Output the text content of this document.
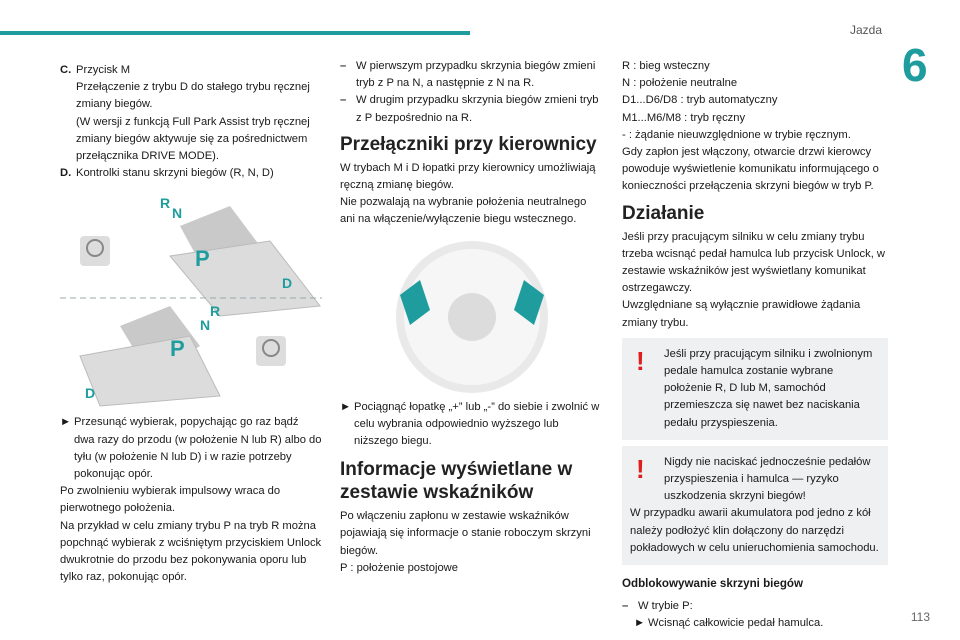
Jazda
6
113
C. Przycisk M

Przełączenie z trybu D do stałego trybu ręcznej zmiany biegów.

(W wersji z funkcją Full Park Assist tryb ręcznej zmiany biegów aktywuje się za pośrednictwem przełącznika DRIVE MODE).

D. Kontrolki stanu skrzyni biegów (R, N, D)

P
R
N
D
P
R
N
D
► Przesunąć wybierak, popychając go raz bądź dwa razy do przodu (w położenie N lub R) albo do tyłu (w położenie N lub D) i w razie potrzeby pokonując opór.

Po zwolnieniu wybierak impulsowy wraca do pierwotnego położenia.

Na przykład w celu zmiany trybu P na tryb R można popchnąć wybierak z wciśniętym przyciskiem Unlock dwukrotnie do przodu bez pokonywania oporu lub tylko raz, pokonując opór.

– W pierwszym przypadku skrzynia biegów zmieni tryb z P na N, a następnie z N na R.

– W drugim przypadku skrzynia biegów zmieni tryb z P bezpośrednio na R.

Przełączniki przy kierownicy

W trybach M i D łopatki przy kierownicy umożliwiają ręczną zmianę biegów.

Nie pozwalają na wybranie położenia neutralnego ani na włączenie/wyłączenie biegu wstecznego.

► Pociągnąć łopatkę „+” lub „-” do siebie i zwolnić w celu wybrania odpowiednio wyższego lub niższego biegu.

Informacje wyświetlane w zestawie wskaźników

Po włączeniu zapłonu w zestawie wskaźników pojawiają się informacje o stanie roboczym skrzyni biegów.

P : położenie postojowe

R : bieg wsteczny

N : położenie neutralne

D1...D6/D8 : tryb automatyczny

M1...M6/M8 : tryb ręczny

- : żądanie nieuwzględnione w trybie ręcznym.

Gdy zapłon jest włączony, otwarcie drzwi kierowcy powoduje wyświetlenie komunikatu informującego o konieczności przełączenia skrzyni biegów w tryb P.

Działanie

Jeśli przy pracującym silniku w celu zmiany trybu trzeba wcisnąć pedał hamulca lub przycisk Unlock, w zestawie wskaźników jest wyświetlany komunikat ostrzegawczy.

Uwzględniane są wyłącznie prawidłowe żądania zmiany trybu.

!	Jeśli przy pracującym silniku i zwolnionym pedale hamulca zostanie wybrane położenie R, D lub M, samochód przemieszcza się nawet bez naciskania pedału przyspieszenia.

!	Nigdy nie naciskać jednocześnie pedałów przyspieszenia i hamulca — ryzyko uszkodzenia skrzyni biegów!

W przypadku awarii akumulatora pod jedno z kół należy podłożyć klin dołączony do narzędzi pokładowych w celu unieruchomienia samochodu.

Odblokowywanie skrzyni biegów
– W trybie P:

► Wcisnąć całkowicie pedał hamulca.
